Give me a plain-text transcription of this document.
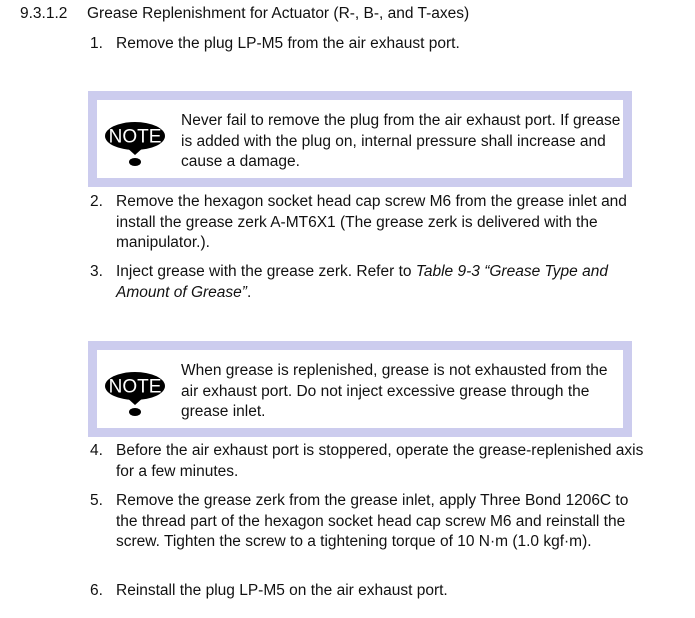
9.3.1.2 Grease Replenishment for Actuator (R-, B-, and T-axes)
1. Remove the plug LP-M5 from the air exhaust port.
NOTE
Never fail to remove the plug from the air exhaust port. If grease is added with the plug on, internal pressure shall increase and cause a damage.
2. Remove the hexagon socket head cap screw M6 from the grease inlet and install the grease zerk A-MT6X1 (The grease zerk is delivered with the manipulator.).
3. Inject grease with the grease zerk. Refer to Table 9-3 “Grease Type and Amount of Grease”.
NOTE
When grease is replenished, grease is not exhausted from the air exhaust port. Do not inject excessive grease through the grease inlet.
4. Before the air exhaust port is stoppered, operate the grease-replenished axis for a few minutes.
5. Remove the grease zerk from the grease inlet, apply Three Bond 1206C to the thread part of the hexagon socket head cap screw M6 and reinstall the screw. Tighten the screw to a tightening torque of 10 N·m (1.0 kgf·m).
6. Reinstall the plug LP-M5 on the air exhaust port.
